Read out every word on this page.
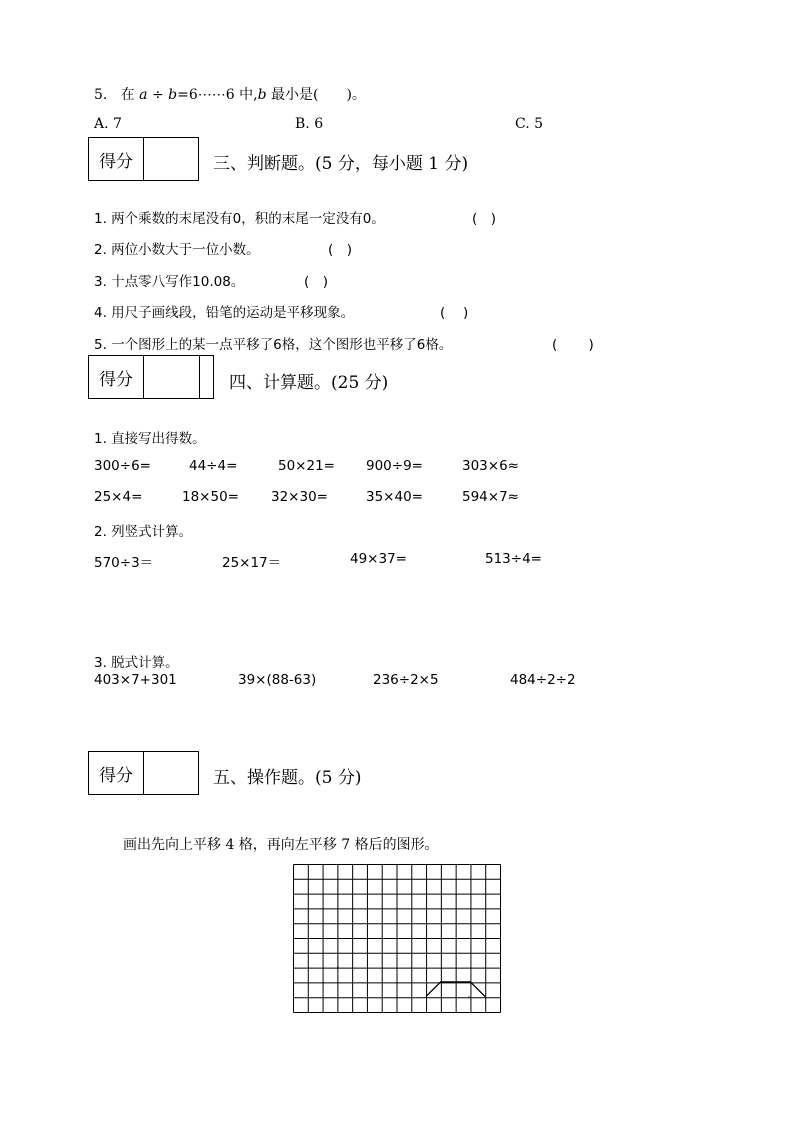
5. 在 a ÷ b=6⋯⋯6 中,b 最小是(　　)。
A. 7	B. 6	C. 5
得分	三、判断题。(5 分，每小题 1 分)
1. 两个乘数的末尾没有0，积的末尾一定没有0。	(　)
2. 两位小数大于一位小数。	(　)
3. 十点零八写作10.08。	(　)
4. 用尺子画线段，铅笔的运动是平移现象。	(　 )
5. 一个图形上的某一点平移了6格，这个图形也平移了6格。	(　 　)
得分	四、计算题。(25 分)
1. 直接写出得数。
300÷6=	44÷4=	50×21= 900÷9=	303×6≈
25×4=	18×50= 32×30=	35×40=	594×7≈
2. 列竖式计算。
570÷3＝	25×17＝	49×37=	513÷4=
3. 脱式计算。
403×7+301	39×(88-63)	236÷2×5	484÷2÷2
得分	五、操作题。(5 分)
画出先向上平移 4 格，再向左平移 7 格后的图形。
